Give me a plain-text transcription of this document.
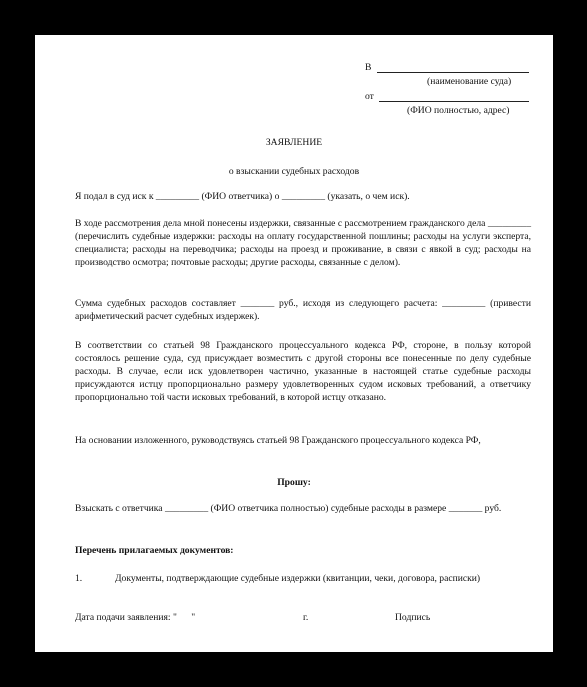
В
(наименование суда)
от
(ФИО полностью, адрес)
ЗАЯВЛЕНИЕ
о взыскании судебных расходов
Я подал в суд иск к _________ (ФИО ответчика) о _________ (указать, о чем иск).
В ходе рассмотрения дела мной понесены издержки, связанные с рассмотрением гражданского дела _________ (перечислить судебные издержки: расходы на оплату государственной пошлины; расходы на услуги эксперта, специалиста; расходы на переводчика; расходы на проезд и проживание, в связи с явкой в суд; расходы на производство осмотра; почтовые расходы; другие расходы, связанные с делом).
Сумма судебных расходов составляет _______ руб., исходя из следующего расчета: _________ (привести арифметический расчет судебных издержек).
В соответствии со статьей 98 Гражданского процессуального кодекса РФ, стороне, в пользу которой состоялось решение суда, суд присуждает возместить с другой стороны все понесенные по делу судебные расходы. В случае, если иск удовлетворен частично, указанные в настоящей статье судебные расходы присуждаются истцу пропорционально размеру удовлетворенных судом исковых требований, а ответчику пропорционально той части исковых требований, в которой истцу отказано.
На основании изложенного, руководствуясь статьей 98 Гражданского процессуального кодекса РФ,
Прошу:
Взыскать с ответчика _________ (ФИО ответчика полностью) судебные расходы в размере _______ руб.
Перечень прилагаемых документов:
1.	Документы, подтверждающие судебные издержки (квитанции, чеки, договора, расписки)
Дата подачи заявления: "      "	г.	Подпись
